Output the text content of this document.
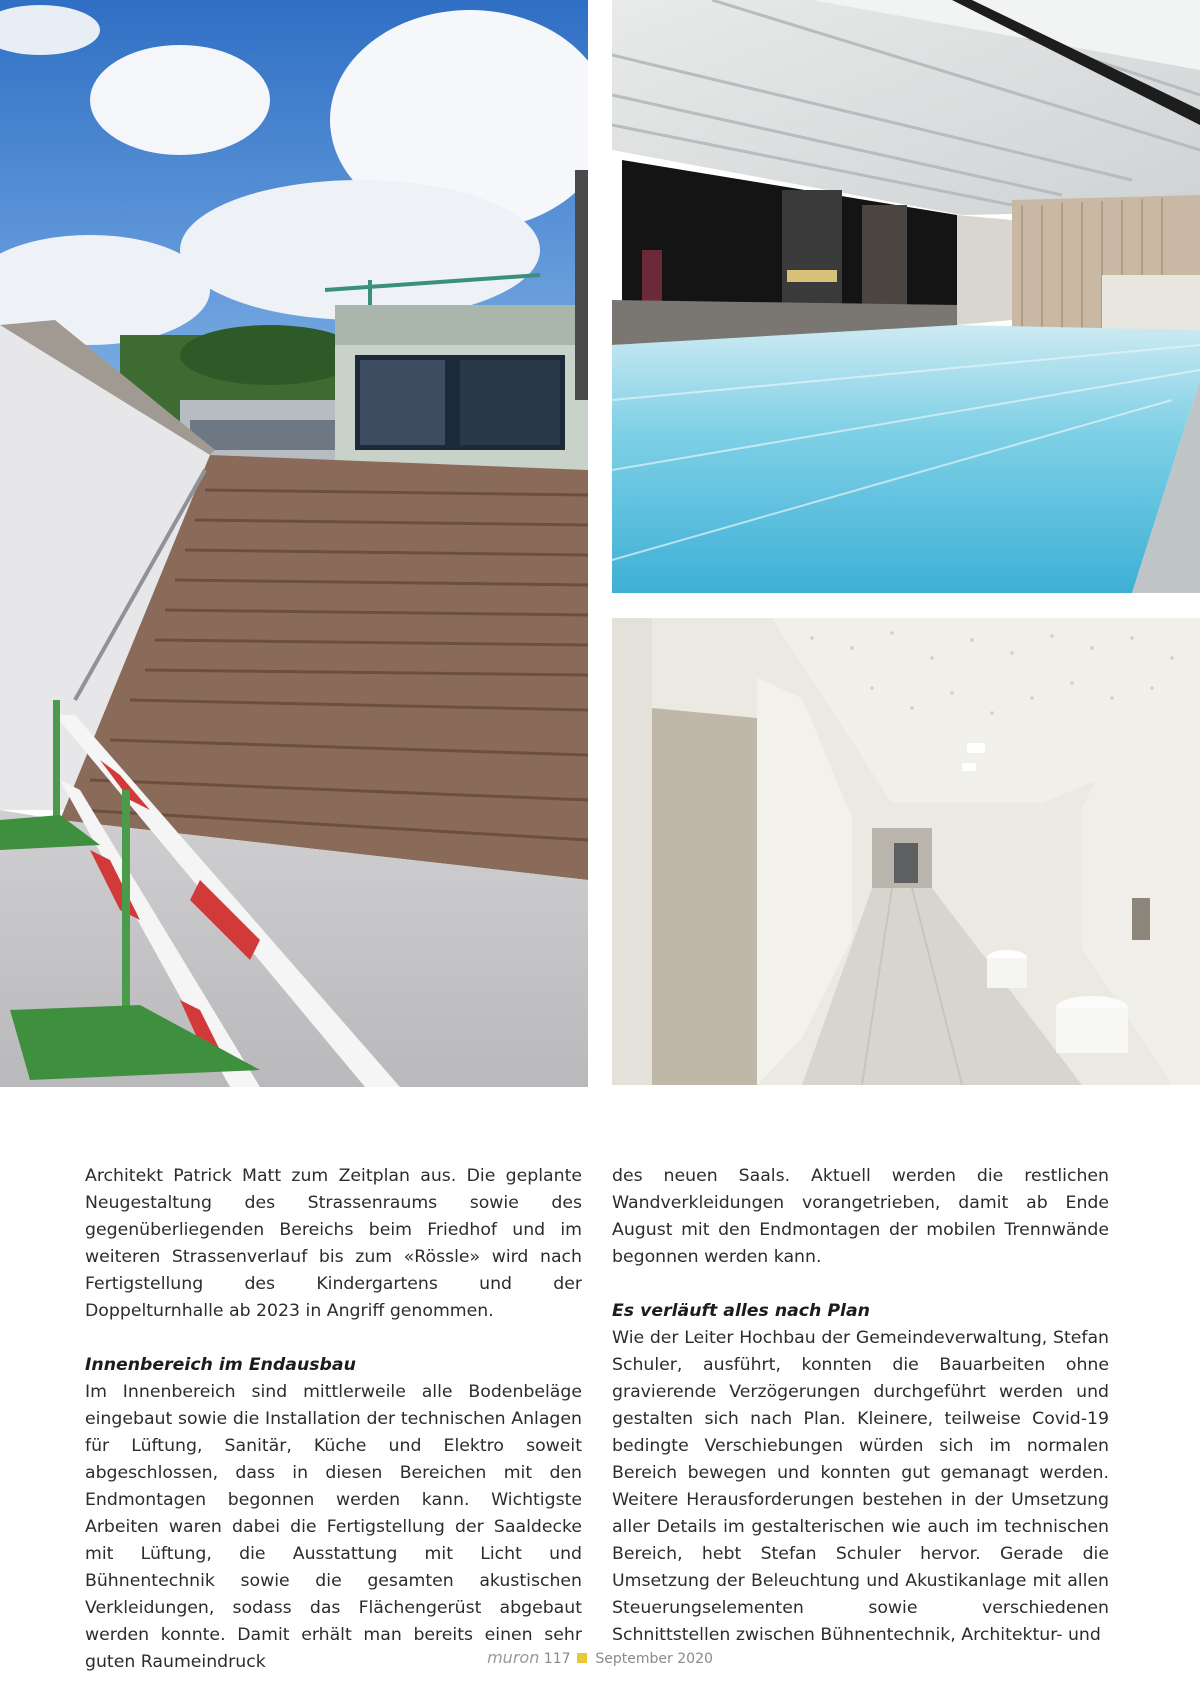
Architekt Patrick Matt zum Zeitplan aus. Die geplante Neugestaltung des Strassenraums sowie des gegenüberliegenden Bereichs beim Friedhof und im weiteren Strassenverlauf bis zum «Rössle» wird nach Fertigstellung des Kindergartens und der Doppelturnhalle ab 2023 in Angriff genommen.

Innenbereich im Endausbau

Im Innenbereich sind mittlerweile alle Bodenbeläge eingebaut sowie die Installation der technischen Anlagen für Lüftung, Sanitär, Küche und Elektro soweit abgeschlossen, dass in diesen Bereichen mit den Endmontagen begonnen werden kann. Wichtigste Arbeiten waren dabei die Fertigstellung der Saaldecke mit Lüftung, die Ausstattung mit Licht und Bühnentechnik sowie die gesamten akustischen Verkleidungen, sodass das Flächengerüst abgebaut werden konnte. Damit erhält man bereits einen sehr guten Raumeindruck

des neuen Saals. Aktuell werden die restlichen Wandverkleidungen vorangetrieben, damit ab Ende August mit den Endmontagen der mobilen Trennwände begonnen werden kann.

Es verläuft alles nach Plan

Wie der Leiter Hochbau der Gemeindeverwaltung, Stefan Schuler, ausführt, konnten die Bauarbeiten ohne gravierende Verzögerungen durchgeführt werden und gestalten sich nach Plan. Kleinere, teilweise Covid-19 bedingte Verschiebungen würden sich im normalen Bereich bewegen und konnten gut gemanagt werden. Weitere Herausforderungen bestehen in der Umsetzung aller Details im gestalterischen wie auch im technischen Bereich, hebt Stefan Schuler hervor. Gerade die Umsetzung der Beleuchtung und Akustikanlage mit allen Steuerungselementen sowie verschiedenen Schnittstellen zwischen Bühnentechnik, Architektur- und

muron 117 September 2020
